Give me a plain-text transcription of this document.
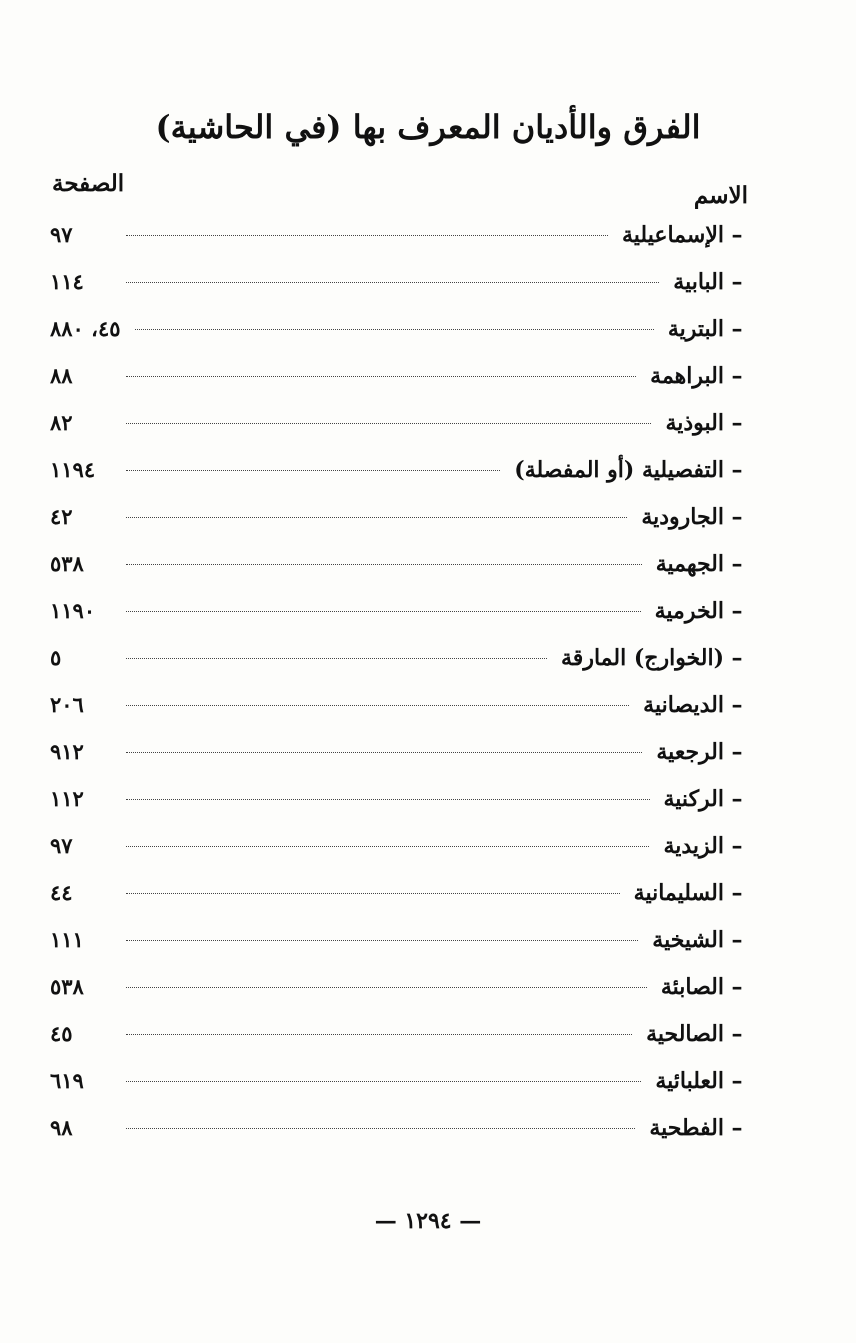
الفرق والأديان المعرف بها (في الحاشية)
الاسم
الصفحة
–
الإسماعيلية
٩٧
–
البابية
١١٤
–
البترية
٤٥، ٨٨٠
–
البراهمة
٨٨
–
البوذية
٨٢
–
التفصيلية (أو المفصلة)
١١٩٤
–
الجارودية
٤٢
–
الجهمية
٥٣٨
–
الخرمية
١١٩٠
–
(الخوارج) المارقة
٥
–
الديصانية
٢٠٦
–
الرجعية
٩١٢
–
الركنية
١١٢
–
الزيدية
٩٧
–
السليمانية
٤٤
–
الشيخية
١١١
–
الصابئة
٥٣٨
–
الصالحية
٤٥
–
العلبائية
٦١٩
–
الفطحية
٩٨
— ١٢٩٤ —
